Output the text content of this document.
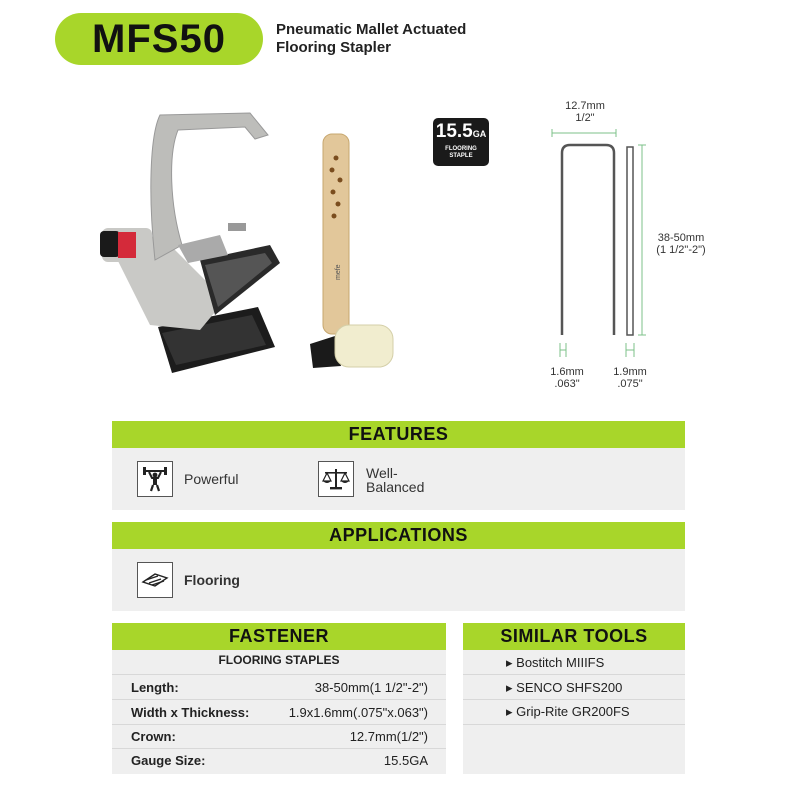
MFS50	Pneumatic Mallet Actuated
Flooring Stapler
mefe
15.5GA
FLOORING
STAPLE
12.7mm
1/2"
38-50mm
(1 1/2"-2")
1.6mm
.063"
1.9mm
.075"
FEATURES
Powerful	Well-
Balanced
APPLICATIONS
Flooring
FASTENER
FLOORING STAPLES
Length:	38-50mm(1 1/2"-2")
Width x Thickness:	1.9x1.6mm(.075"x.063")
Crown:	12.7mm(1/2")
Gauge Size:	15.5GA
SIMILAR TOOLS
▸ Bostitch MIIIFS
▸ SENCO SHFS200
▸ Grip-Rite GR200FS
